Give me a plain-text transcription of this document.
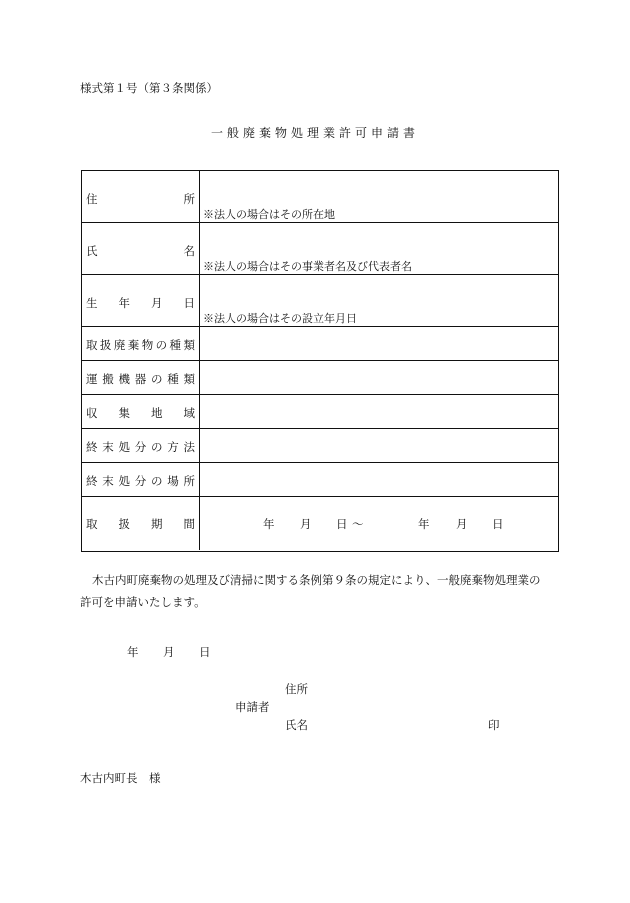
様式第１号（第３条関係）
一般廃棄物処理業許可申請書
住	所
※法人の場合はその所在地
氏	名
※法人の場合はその事業者名及び代表者名
生 年 月 日
※法人の場合はその設立年月日
取 扱 廃 棄 物 の 種 類
運 搬 機 器 の 種 類
収 集 地 域
終 末 処 分 の 方 法
終 末 処 分 の 場 所
取 扱 期 間	年 月 日 ～	年 月 日
木古内町廃棄物の処理及び清掃に関する条例第９条の規定により、一般廃棄物処理業の
許可を申請いたします。
年 月 日
住所
申請者
氏名	印
木古内町長　様
